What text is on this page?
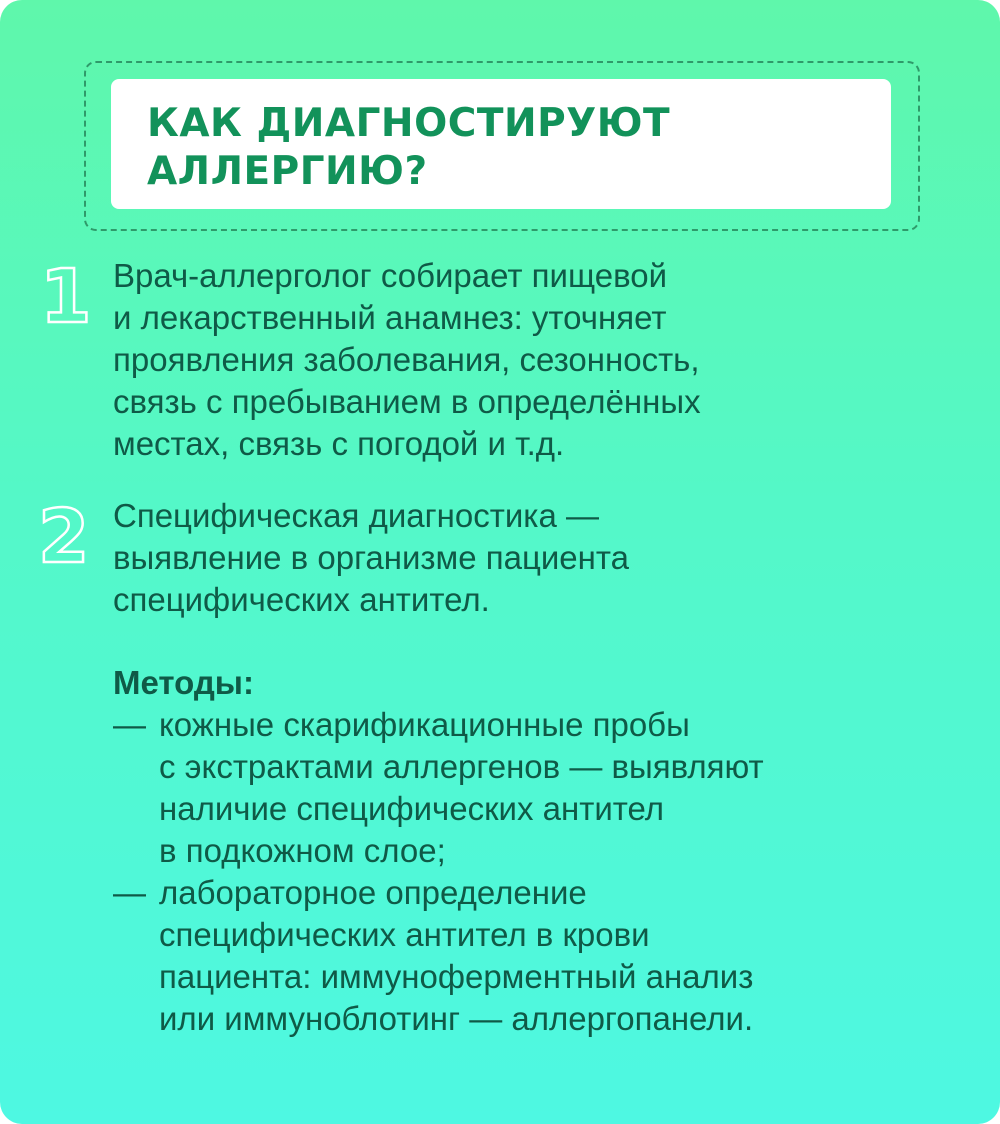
КАК ДИАГНОСТИРУЮТ
АЛЛЕРГИЮ?
1 Врач-аллерголог собирает пищевой
и лекарственный анамнез: уточняет
проявления заболевания, сезонность,
связь с пребыванием в определённых
местах, связь с погодой и т.д.

2 Специфическая диагностика —
выявление в организме пациента
специфических антител.

Методы:
— кожные скарификационные пробы
с экстрактами аллергенов — выявляют
наличие специфических антител
в подкожном слое;

— лабораторное определение
специфических антител в крови
пациента: иммуноферментный анализ
или иммуноблотинг — аллергопанели.
